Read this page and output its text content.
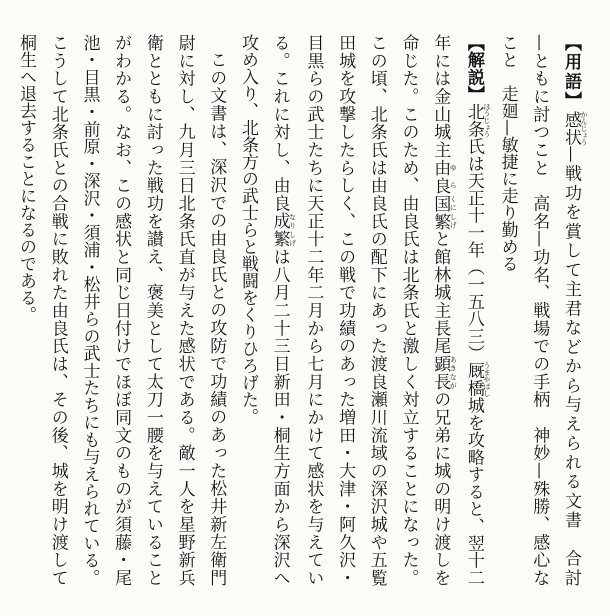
【用語】感状 かんじょう—戦功を賞して主君などから与えられる文書　合討
—ともに討つこと　高名—功名、戦場での手柄　神妙—殊勝、感心な
こと　走廻—敏捷に走り勤める
【解説】北条 ほうじょう氏は天正十一年（一五八三）厩橋 うまやばし城を攻略すると、翌十二
年には金山城主由良 ゆら国繁 くにしげと館林城主長尾顕長 あきながの兄弟に城の明け渡しを
命じた。このため、由良氏は北条氏と激しく対立することになった。
この頃、北条氏は由良氏の配下にあった渡良瀬川流域の深沢城や五覧
田城を攻撃したらしく、この戦で功績のあった増田・大津・阿久沢・
目黒らの武士たちに天正十二年二月から七月にかけて感状を与えてい
る。これに対し、由良成繁 なりしげは八月二十三日新田・桐生方面から深沢へ
攻め入り、北条方の武士らと戦闘をくりひろげた。
この文書は、深沢での由良氏との攻防で功績のあった松井新左衛門
尉に対し、九月三日北条氏直が与えた感状である。敵一人を星野新兵
衛とともに討った戦功を讃え、褒美として太刀一腰を与えていること
がわかる。なお、この感状と同じ日付けでほぼ同文のものが須藤・尾
池・目黒・前原・深沢・須浦・松井らの武士たちにも与えられている。
こうして北条氏との合戦に敗れた由良氏は、その後、城を明け渡して
桐生へ退去することになるのである。
